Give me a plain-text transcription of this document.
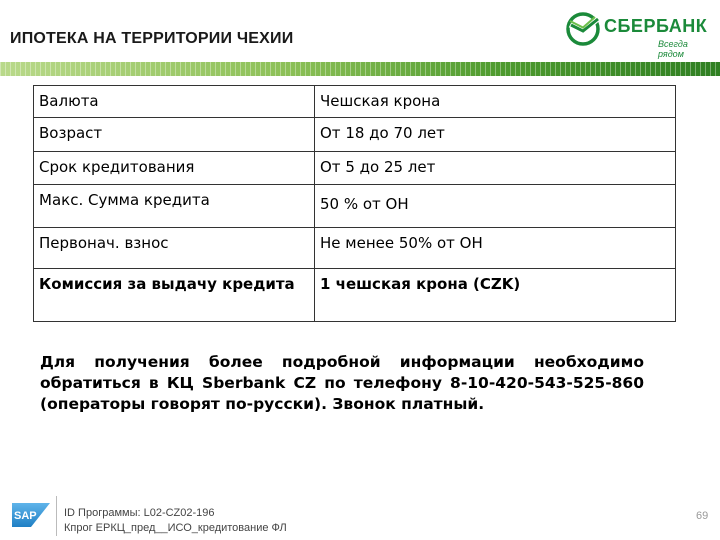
ИПОТЕКА НА ТЕРРИТОРИИ ЧЕХИИ
СБЕРБАНК
Всегда рядом
Валюта	Чешская крона
Возраст	От 18 до 70 лет
Срок кредитования	От 5 до 25 лет
Макс. Сумма кредита	50 % от ОН
Первонач. взнос	Не менее 50% от ОН
Комиссия за выдачу кредита	1 чешская крона (CZK)
Для получения более подробной информации необходимо обратиться в КЦ Sberbank CZ по телефону 8-10-420-543-525-860 (операторы говорят по-русски). Звонок платный.
SAP ID Программы: L02-CZ02-196
Кпрог ЕРКЦ_пред__ИСО_кредитование ФЛ
69
